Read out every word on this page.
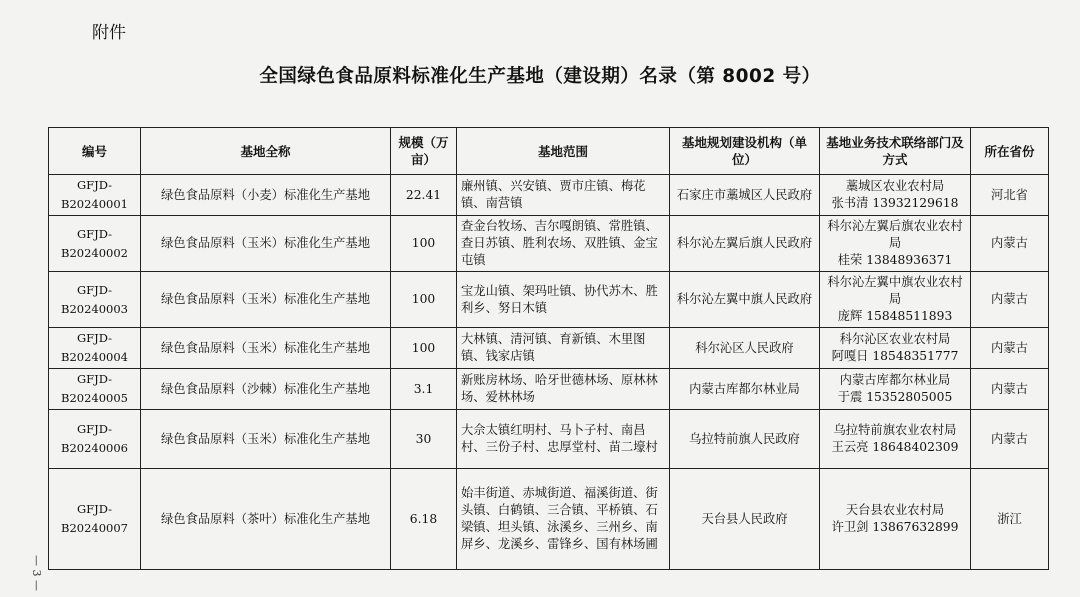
附件
全国绿色食品原料标准化生产基地（建设期）名录（第 8002 号）
— 3 —
编号	基地全称	规模（万亩）	基地范围	基地规划建设机构（单位）	基地业务技术联络部门及方式	所在省份
GFJD-B20240001	绿色食品原料（小麦）标准化生产基地	22.41	廉州镇、兴安镇、贾市庄镇、梅花镇、南营镇	石家庄市藁城区人民政府	藁城区农业农村局
张书清 13932129618	河北省
GFJD-B20240002	绿色食品原料（玉米）标准化生产基地	100	查金台牧场、吉尔嘎朗镇、常胜镇、查日苏镇、胜利农场、双胜镇、金宝屯镇	科尔沁左翼后旗人民政府	科尔沁左翼后旗农业农村局
桂荣 13848936371	内蒙古
GFJD-B20240003	绿色食品原料（玉米）标准化生产基地	100	宝龙山镇、架玛吐镇、协代苏木、胜利乡、努日木镇	科尔沁左翼中旗人民政府	科尔沁左翼中旗农业农村局
庞辉 15848511893	内蒙古
GFJD-B20240004	绿色食品原料（玉米）标准化生产基地	100	大林镇、清河镇、育新镇、木里图镇、钱家店镇	科尔沁区人民政府	科尔沁区农业农村局
阿嘎日 18548351777	内蒙古
GFJD-B20240005	绿色食品原料（沙棘）标准化生产基地	3.1	新账房林场、哈牙世德林场、原林林场、爱林林场	内蒙古库都尔林业局	内蒙古库都尔林业局
于震 15352805005	内蒙古
GFJD-B20240006	绿色食品原料（玉米）标准化生产基地	30	大佘太镇红明村、马卜子村、南昌村、三份子村、忠厚堂村、苗二壕村	乌拉特前旗人民政府	乌拉特前旗农业农村局
王云亮 18648402309	内蒙古
GFJD-B20240007	绿色食品原料（茶叶）标准化生产基地	6.18	始丰街道、赤城街道、福溪街道、街头镇、白鹤镇、三合镇、平桥镇、石梁镇、坦头镇、泳溪乡、三州乡、南屏乡、龙溪乡、雷锋乡、国有林场圃	天台县人民政府	天台县农业农村局
许卫剑 13867632899	浙江
